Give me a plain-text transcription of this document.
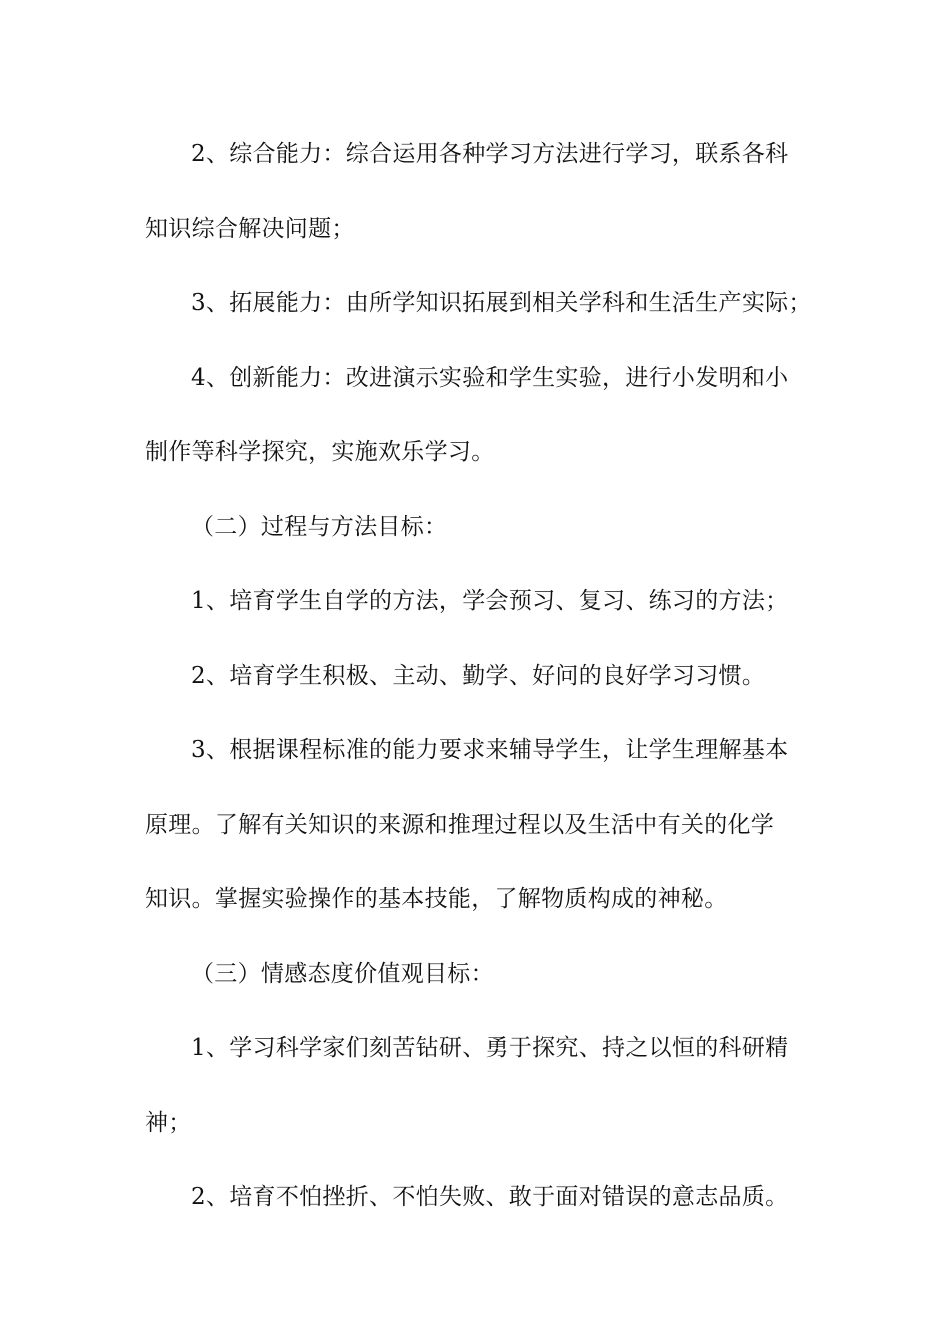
2、综合能力：综合运用各种学习方法进行学习，联系各科
知识综合解决问题；
3、拓展能力：由所学知识拓展到相关学科和生活生产实际；
4、创新能力：改进演示实验和学生实验，进行小发明和小
制作等科学探究，实施欢乐学习。
（二）过程与方法目标：
1、培育学生自学的方法，学会预习、复习、练习的方法；
2、培育学生积极、主动、勤学、好问的良好学习习惯。
3、根据课程标准的能力要求来辅导学生，让学生理解基本
原理。了解有关知识的来源和推理过程以及生活中有关的化学
知识。掌握实验操作的基本技能，了解物质构成的神秘。
（三）情感态度价值观目标：
1、学习科学家们刻苦钻研、勇于探究、持之以恒的科研精
神；
2、培育不怕挫折、不怕失败、敢于面对错误的意志品质。
